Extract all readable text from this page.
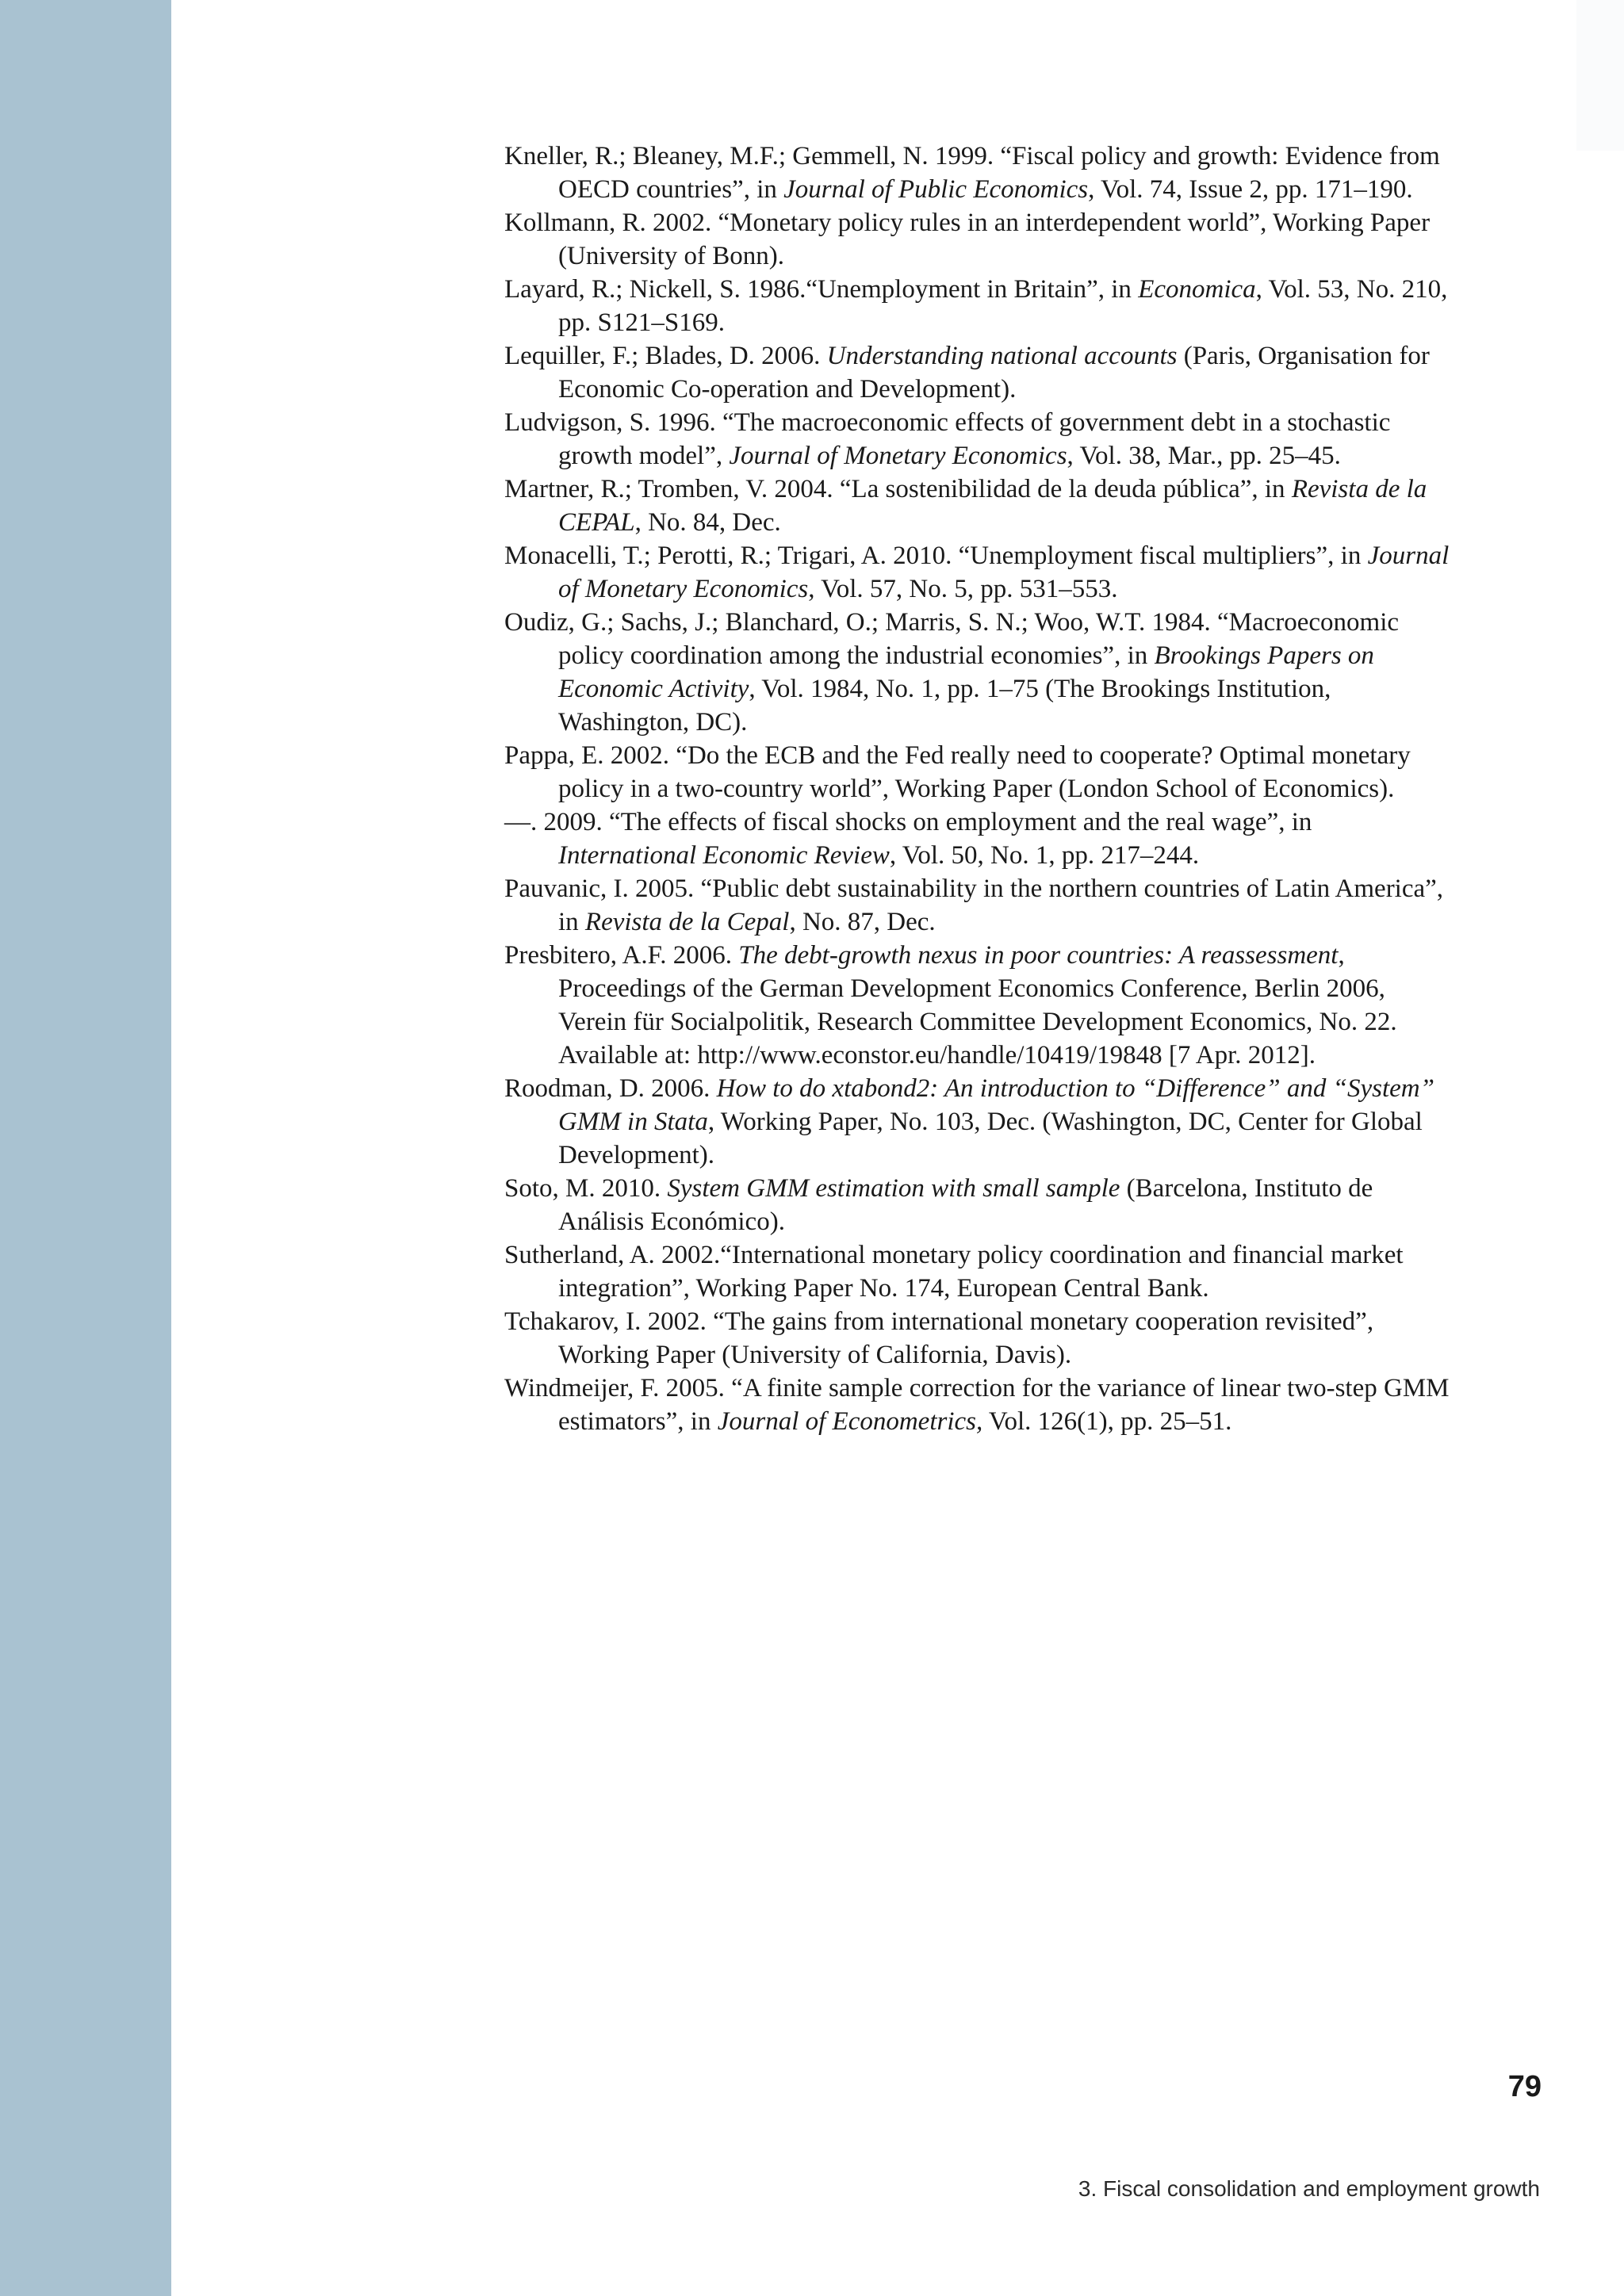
Kneller, R.; Bleaney, M.F.; Gemmell, N. 1999. “Fiscal policy and growth: Evidence from OECD countries”, in Journal of Public Economics, Vol. 74, Issue 2, pp. 171–190.

Kollmann, R. 2002. “Monetary policy rules in an interdependent world”, Working Paper (University of Bonn).

Layard, R.; Nickell, S. 1986.“Unemployment in Britain”, in Economica, Vol. 53, No. 210, pp. S121–S169.

Lequiller, F.; Blades, D. 2006. Understanding national accounts (Paris, Organisation for Economic Co-operation and Development).

Ludvigson, S. 1996. “The macroeconomic effects of government debt in a stochastic growth model”, Journal of Monetary Economics, Vol. 38, Mar., pp. 25–45.

Martner, R.; Tromben, V. 2004. “La sostenibilidad de la deuda pública”, in Revista de la CEPAL, No. 84, Dec.

Monacelli, T.; Perotti, R.; Trigari, A. 2010. “Unemployment fiscal multipliers”, in Journal of Monetary Economics, Vol. 57, No. 5, pp. 531–553.

Oudiz, G.; Sachs, J.; Blanchard, O.; Marris, S. N.; Woo, W.T. 1984. “Macroeconomic policy coordination among the industrial economies”, in Brookings Papers on Economic Activity, Vol. 1984, No. 1, pp. 1–75 (The Brookings Institution, Washington, DC).

Pappa, E. 2002. “Do the ECB and the Fed really need to cooperate? Optimal monetary policy in a two-country world”, Working Paper (London School of Economics).

—. 2009. “The effects of fiscal shocks on employment and the real wage”, in International Economic Review, Vol. 50, No. 1, pp. 217–244.

Pauvanic, I. 2005. “Public debt sustainability in the northern countries of Latin America”, in Revista de la Cepal, No. 87, Dec.

Presbitero, A.F. 2006. The debt-growth nexus in poor countries: A reassessment, Proceedings of the German Development Economics Conference, Berlin 2006, Verein für Socialpolitik, Research Committee Development Economics, No. 22. Available at: http://www.econstor.eu/handle/10419/19848 [7 Apr. 2012].

Roodman, D. 2006. How to do xtabond2: An introduction to “Difference” and “System” GMM in Stata, Working Paper, No. 103, Dec. (Washington, DC, Center for Global Development).

Soto, M. 2010. System GMM estimation with small sample (Barcelona, Instituto de Análisis Económico).

Sutherland, A. 2002.“International monetary policy coordination and financial market integration”, Working Paper No. 174, European Central Bank.

Tchakarov, I. 2002. “The gains from international monetary cooperation revisited”, Working Paper (University of California, Davis).

Windmeijer, F. 2005. “A finite sample correction for the variance of linear two-step GMM estimators”, in Journal of Econometrics, Vol. 126(1), pp. 25–51.

79
3. Fiscal consolidation and employment growth
